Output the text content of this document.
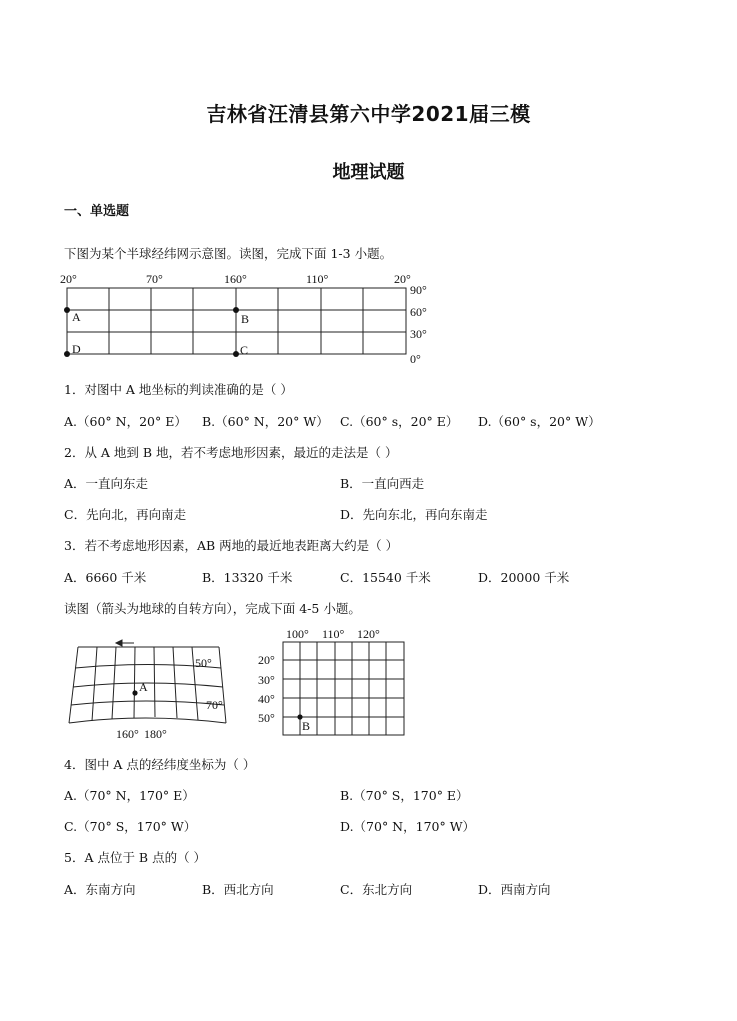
吉林省汪清县第六中学2021届三模
地理试题
一、单选题
下图为某个半球经纬网示意图。读图，完成下面 1-3 小题。
20°	70°	160°	110°	20°
90°
60°
30°
0°
A	B
D	C
1．对图中 A 地坐标的判读准确的是（ ）
A.（60° N，20° E） B.（60° N，20° W） C.（60° s，20° E） D.（60° s，20° W）
2．从 A 地到 B 地，若不考虑地形因素，最近的走法是（ ）
A．一直向东走	B．一直向西走
C．先向北，再向南走	D．先向东北，再向东南走
3．若不考虑地形因素，AB 两地的最近地表距离大约是（ ）
A．6660 千米	B．13320 千米	C．15540 千米	D．20000 千米
读图（箭头为地球的自转方向），完成下面 4-5 小题。
A
50°
70°
160° 180°
100° 110° 120°
20°
30°
40°
50°
B
4．图中 A 点的经纬度坐标为（ ）
A.（70° N，170° E）	B.（70° S，170° E）
C.（70° S，170° W）	D.（70° N，170° W）
5．A 点位于 B 点的（ ）
A．东南方向	B．西北方向	C．东北方向	D．西南方向
